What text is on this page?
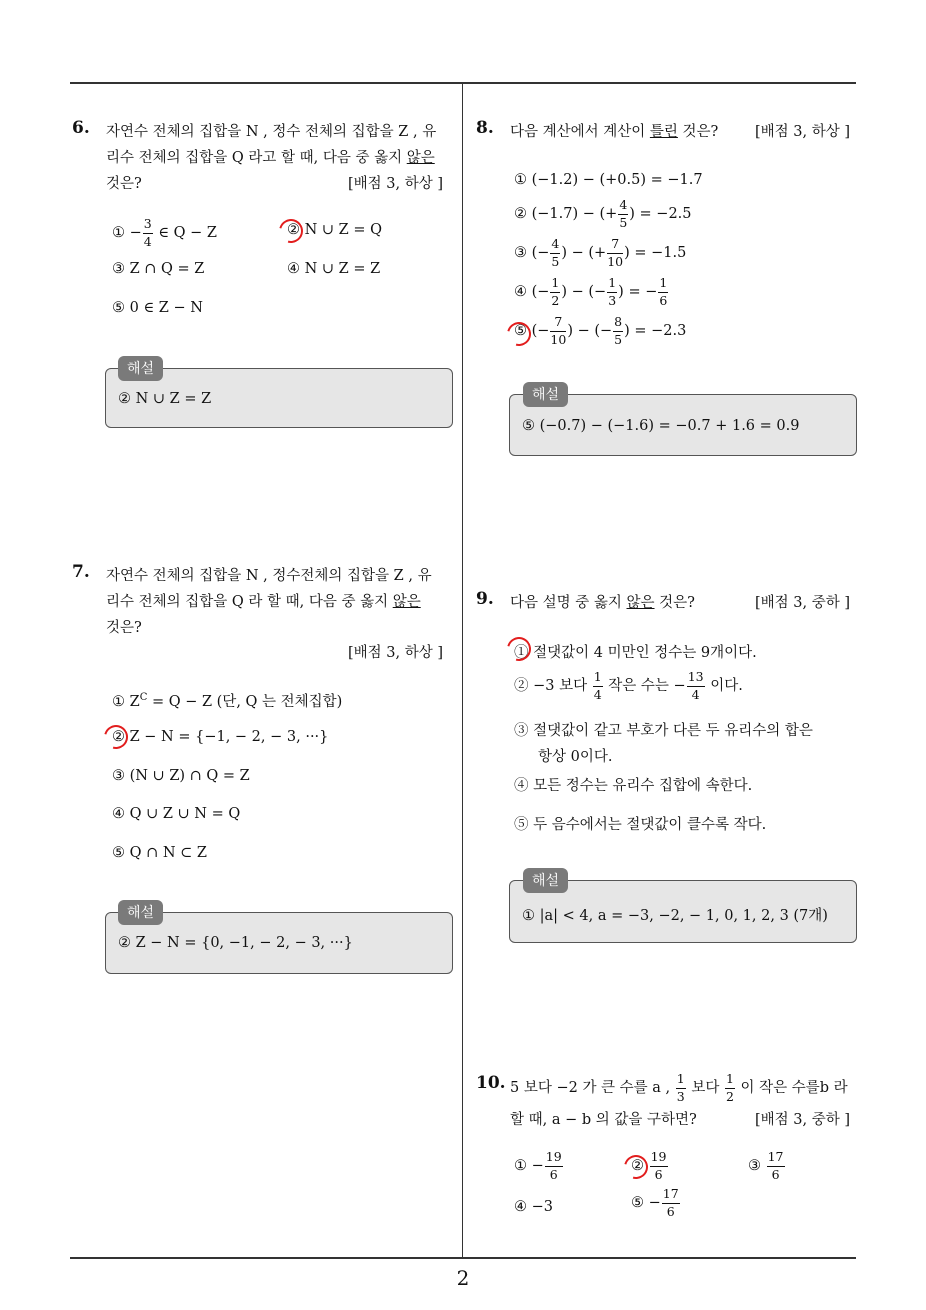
6. 자연수 전체의 집합을 N , 정수 전체의 집합을 Z , 유
리수 전체의 집합을 Q 라고 할 때, 다음 중 옳지 않은
것은?	[배점 3, 하상 ]
① − $\frac{3}{4}$ ∈ Q − Z	② N ∪ Z = Q
③ Z ∩ Q = Z	④ N ∪ Z = Z
⑤ 0 ∈ Z − N
해설
② N ∪ Z = Z
7. 자연수 전체의 집합을 N , 정수전체의 집합을 Z , 유
리수 전체의 집합을 Q 라 할 때, 다음 중 옳지 않은
것은?
[배점 3, 하상 ]
① $Z^C = Q - Z$ (단, Q 는 전체집합)
② Z − N = {−1, − 2, − 3, ···}
③ (N ∪ Z) ∩ Q = Z
④ Q ∪ Z ∪ N = Q
⑤ Q ∩ N ⊂ Z
해설
② Z − N = {0, −1, − 2, − 3, ···}
8. 다음 계산에서 계산이 틀린 것은?	[배점 3, 하상 ]
① (−1.2) − (+0.5) = −1.7
② (−1.7) − (+ $\frac{4}{5}$ ) = −2.5
③ (− $\frac{4}{5}$ ) − (+ $\frac{7}{10}$ ) = −1.5
④ (− $\frac{1}{2}$ ) − (− $\frac{1}{3}$ ) = − $\frac{1}{6}$
⑤ (− $\frac{7}{10}$ ) − (− $\frac{8}{5}$ ) = −2.3
해설
⑤ (−0.7) − (−1.6) = −0.7 + 1.6 = 0.9
9. 다음 설명 중 옳지 않은 것은?	[배점 3, 중하 ]
① 절댓값이 4 미만인 정수는 9개이다.
② −3 보다 $\frac{1}{4}$ 작은 수는 − $\frac{13}{4}$ 이다.
③ 절댓값이 같고 부호가 다른 두 유리수의 합은
항상 0이다.
④ 모든 정수는 유리수 집합에 속한다.
⑤ 두 음수에서는 절댓값이 클수록 작다.
해설
① |a| < 4, a = −3, −2, − 1, 0, 1, 2, 3 (7개)
10. 5 보다 −2 가 큰 수를 a , $\frac{1}{3}$ 보다 $\frac{1}{2}$ 이 작은 수를b 라
할 때, a − b 의 값을 구하면?	[배점 3, 중하 ]
① − $\frac{19}{6}$	② $\frac{19}{6}$	③ $\frac{17}{6}$
④ −3	⑤ − $\frac{17}{6}$
2
